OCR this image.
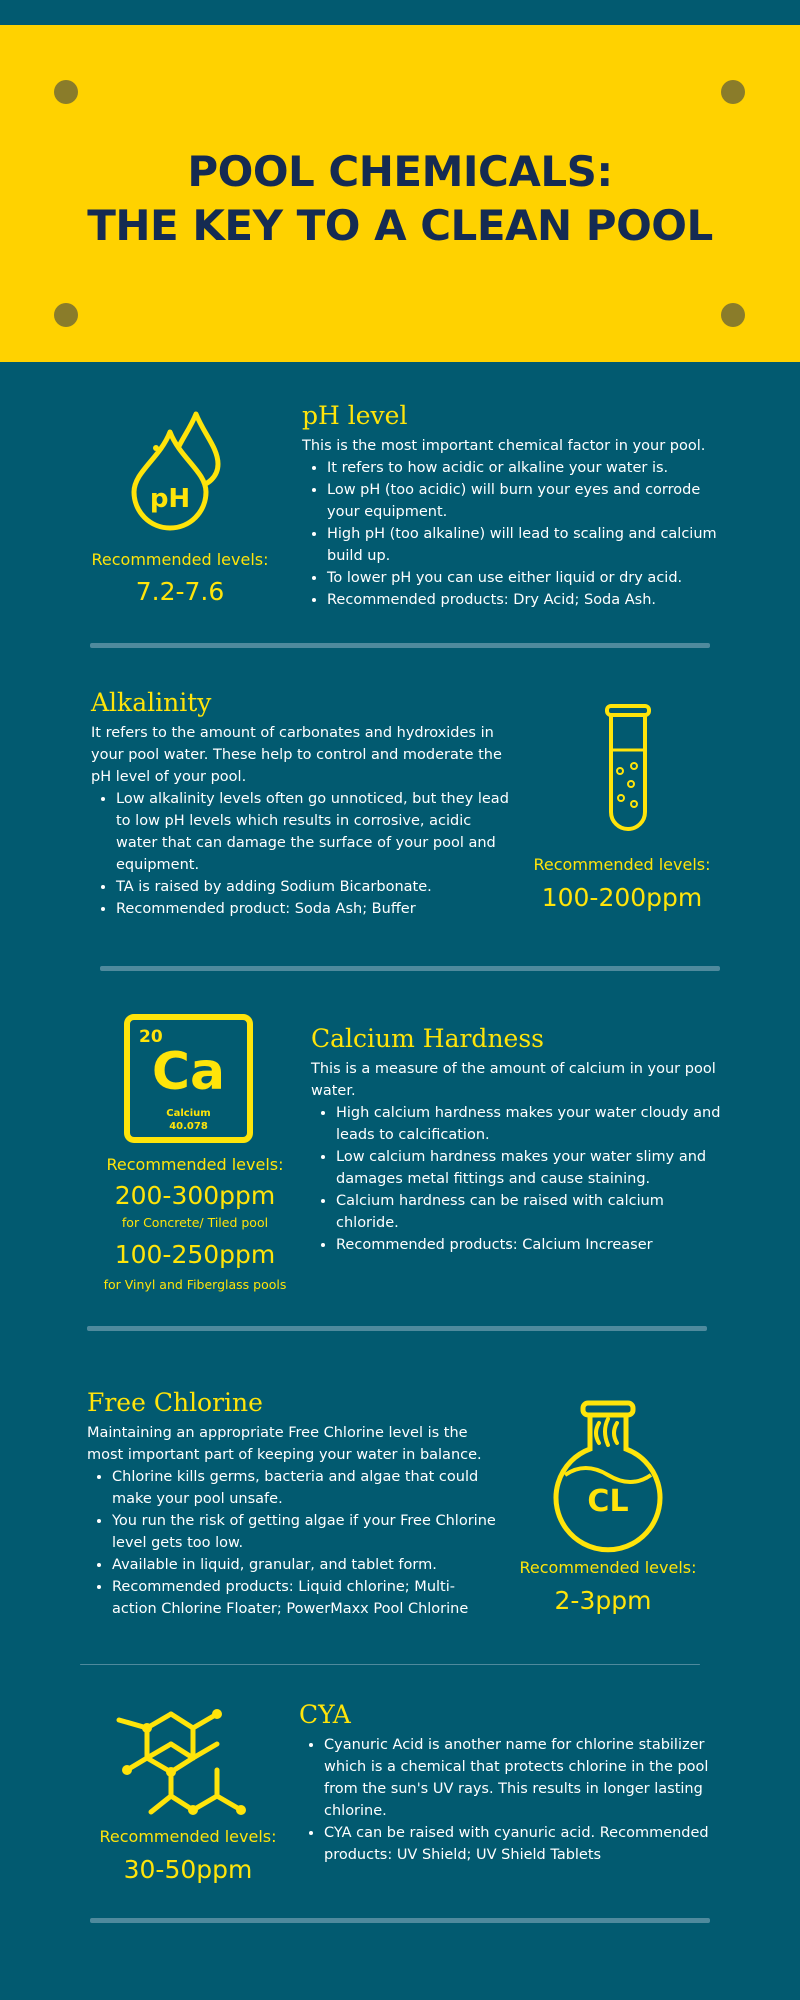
POOL CHEMICALS:
THE KEY TO A CLEAN POOL
pH
Recommended levels:
7.2-7.6
pH level
This is the most important chemical factor in your pool.
• It refers to how acidic or alkaline your water is.
• Low pH (too acidic) will burn your eyes and corrode your equipment.
• High pH (too alkaline) will lead to scaling and calcium build up.
• To lower pH you can use either liquid or dry acid.
• Recommended products: Dry Acid; Soda Ash.
Alkalinity
It refers to the amount of carbonates and hydroxides in your pool water. These help to control and moderate the pH level of your pool.
• Low alkalinity levels often go unnoticed, but they lead to low pH levels which results in corrosive, acidic water that can damage the surface of your pool and equipment.
• TA is raised by adding Sodium Bicarbonate.
• Recommended product: Soda Ash; Buffer
Recommended levels:
100-200ppm
20
Ca
Calcium
40.078
Recommended levels:
200-300ppm
for Concrete/ Tiled pool
100-250ppm
for Vinyl and Fiberglass pools
Calcium Hardness
This is a measure of the amount of calcium in your pool water.
• High calcium hardness makes your water cloudy and leads to calcification.
• Low calcium hardness makes your water slimy and damages metal fittings and cause staining.
• Calcium hardness can be raised with calcium chloride.
• Recommended products: Calcium Increaser
Free Chlorine
Maintaining an appropriate Free Chlorine level is the most important part of keeping your water in balance.
• Chlorine kills germs, bacteria and algae that could make your pool unsafe.
• You run the risk of getting algae if your Free Chlorine level gets too low.
• Available in liquid, granular, and tablet form.
• Recommended products: Liquid chlorine; Multi-action Chlorine Floater; PowerMaxx Pool Chlorine
CL
Recommended levels:
2-3ppm
Recommended levels:
30-50ppm
CYA
• Cyanuric Acid is another name for chlorine stabilizer which is a chemical that protects chlorine in the pool from the sun's UV rays. This results in longer lasting chlorine.
• CYA can be raised with cyanuric acid. Recommended products: UV Shield; UV Shield Tablets
